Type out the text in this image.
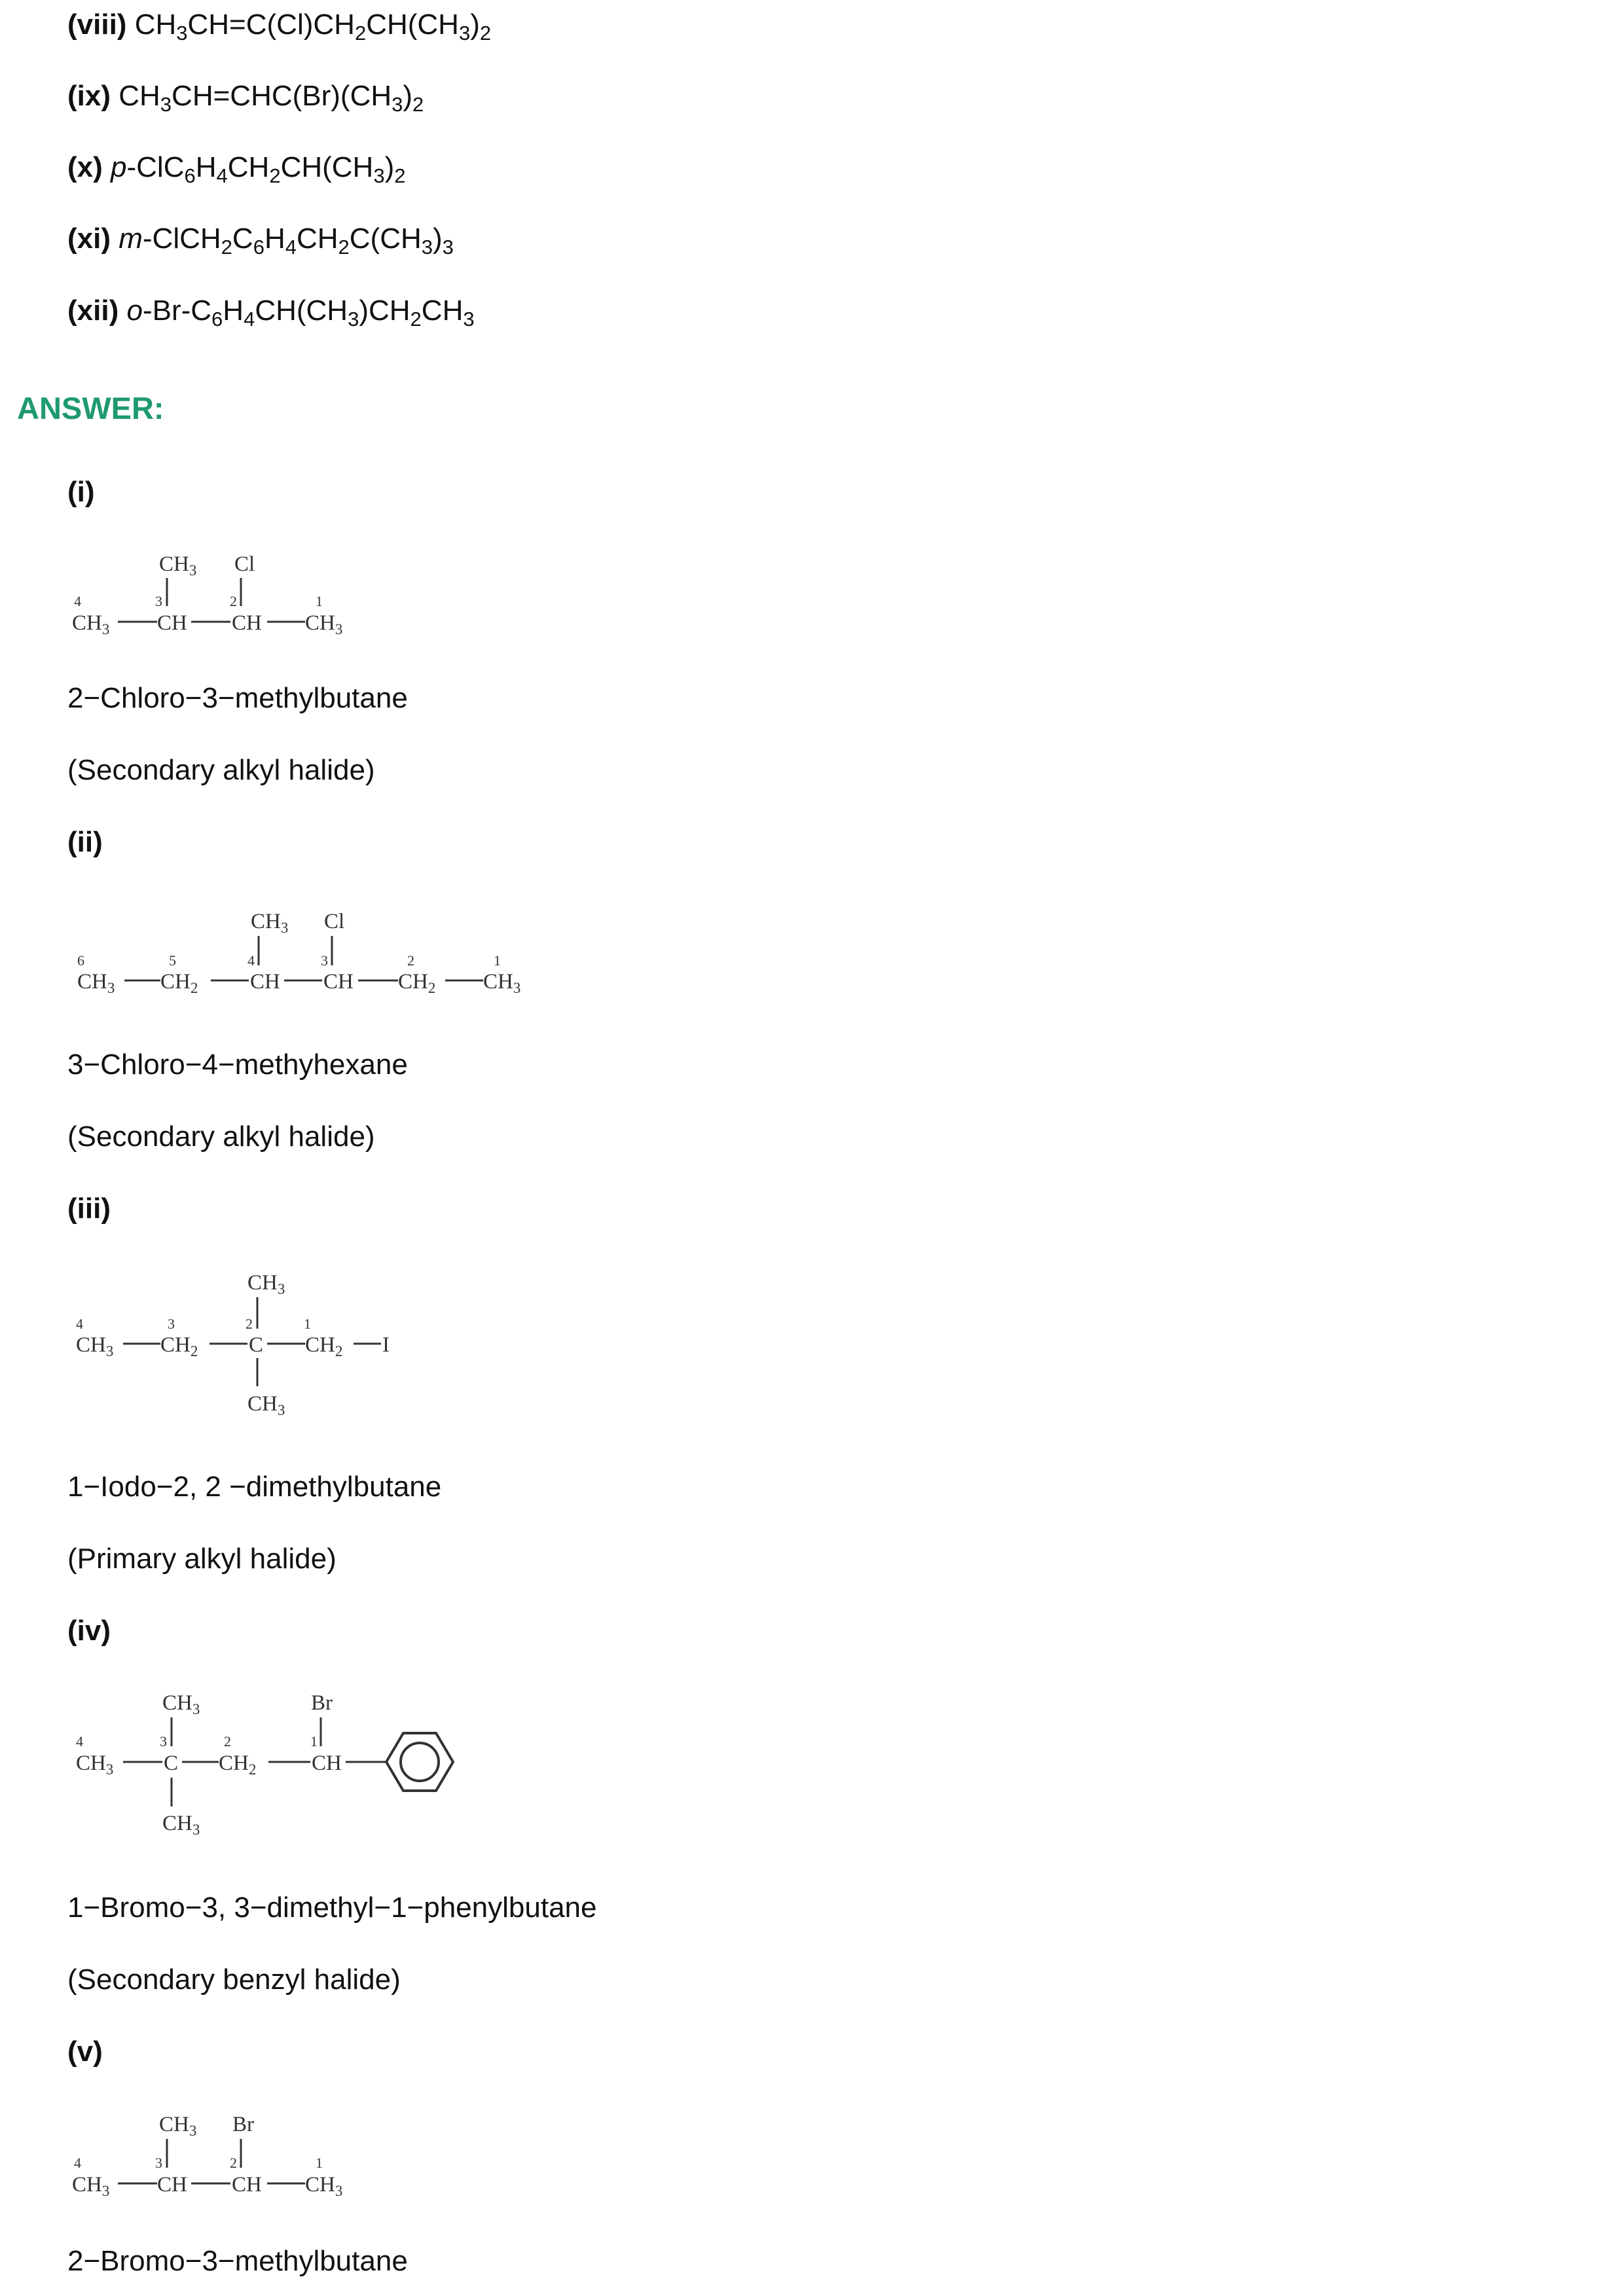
(viii) $CH_3CH=C(Cl)CH_2CH(CH_3)_2$
(ix) $CH_3CH=CHC(Br)(CH_3)_2$
(x) $p-ClC_6H_4CH_2CH(CH_3)_2$
(xi) $m-ClCH_2C_6H_4CH_2C(CH_3)_3$
(xii) $o-Br-C_6H_4CH(CH_3)CH_2CH_3$
ANSWER:
(i)
2−Chloro−3−methylbutane
(Secondary alkyl halide)
(ii)
3−Chloro−4−methyhexane
(Secondary alkyl halide)
(iii)
1−Iodo−2, 2 −dimethylbutane
(Primary alkyl halide)
(iv)
1−Bromo−3, 3−dimethyl−1−phenylbutane
(Secondary benzyl halide)
(v)
2−Bromo−3−methylbutane
$CH_3$ Cl
4	3	2	1
$CH_3$ CH CH $CH_3$
$CH_3$ Cl
6	5	4	3	2	1
$CH_3$ $CH_2$ CH CH $CH_2$ $CH_3$
$CH_3$
4	3	2	1
$CH_3$ $CH_2$ C $CH_2$ I
$CH_3$
$CH_3$	Br
4	3	2	1
$CH_3$ C $CH_2$	CH
$CH_3$
$CH_3$ Br
4	3	2	1
$CH_3$ CH CH $CH_3$
